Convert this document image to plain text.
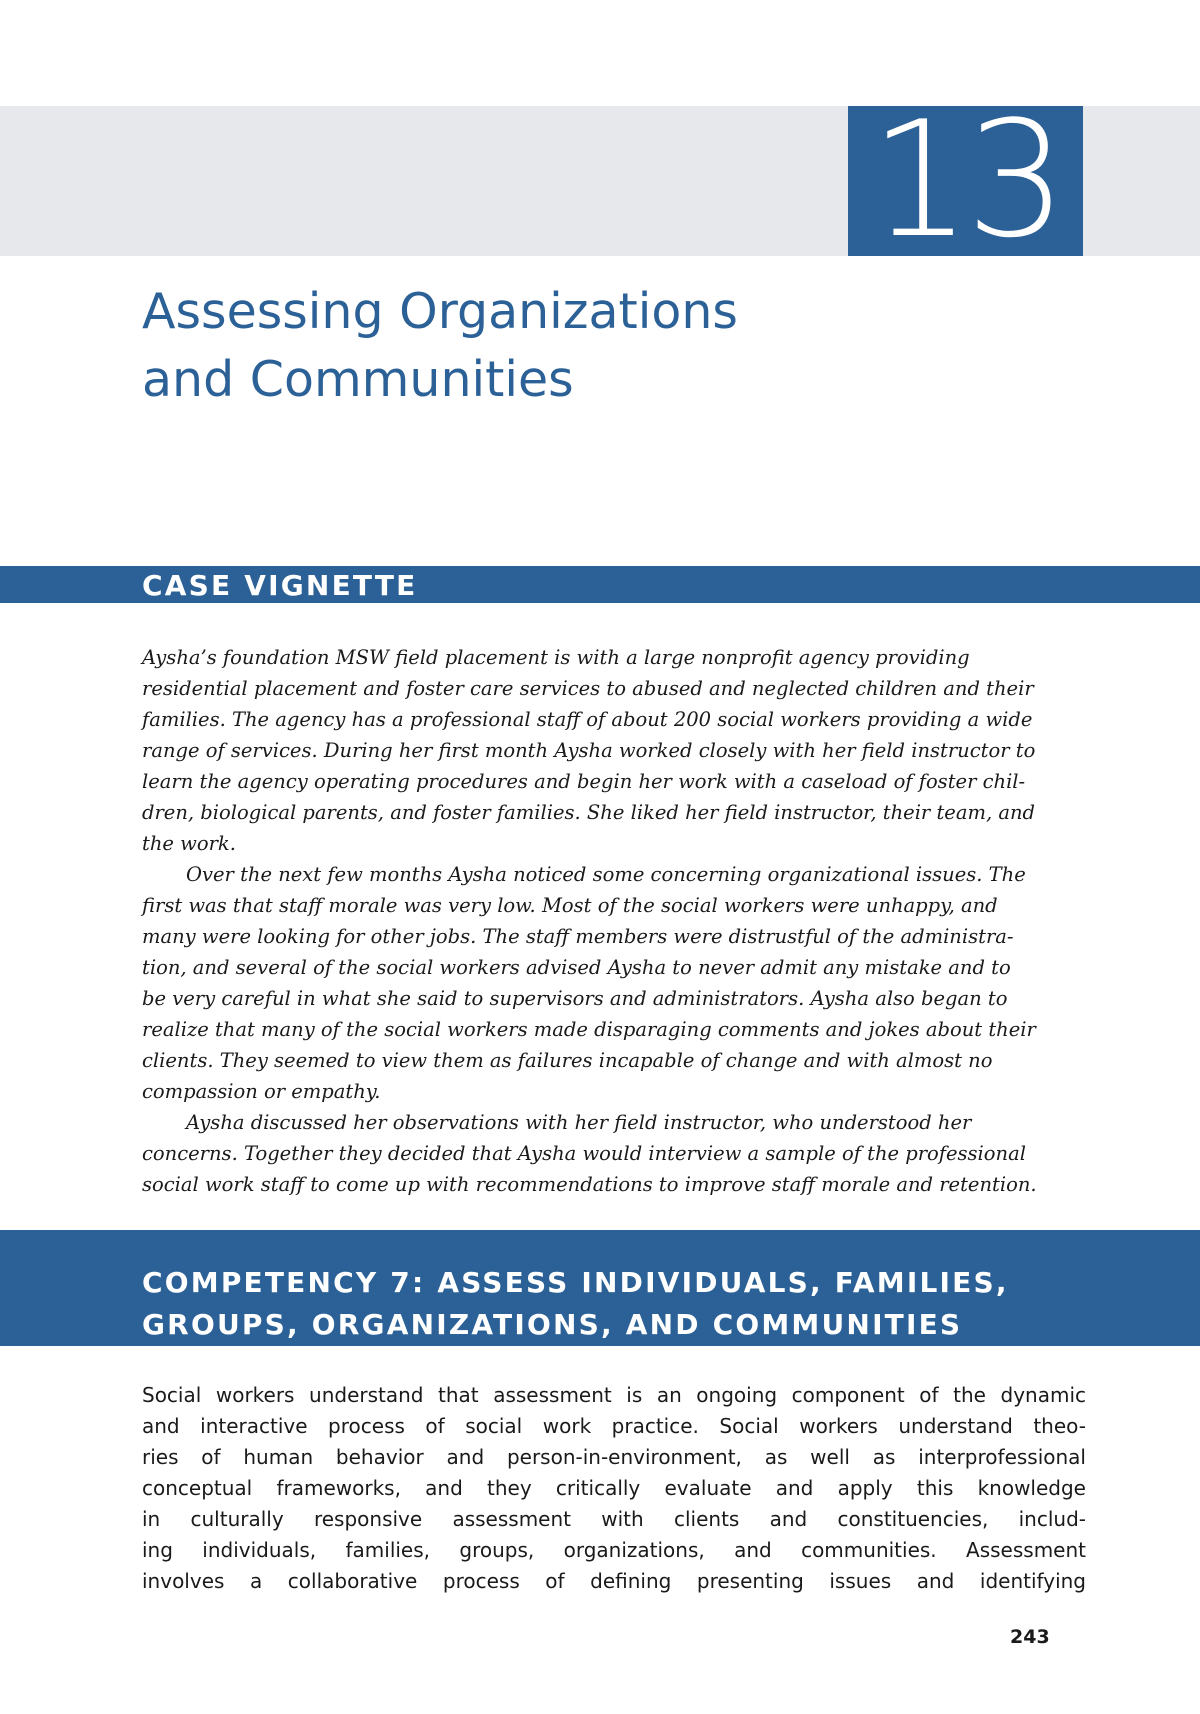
13
Assessing Organizations
and Communities
CASE VIGNETTE

Aysha’s foundation MSW field placement is with a large nonprofit agency providing
residential placement and foster care services to abused and neglected children and their
families. The agency has a professional staff of about 200 social workers providing a wide
range of services. During her first month Aysha worked closely with her field instructor to
learn the agency operating procedures and begin her work with a caseload of foster chil-
dren, biological parents, and foster families. She liked her field instructor, their team, and
the work.

Over the next few months Aysha noticed some concerning organizational issues. The
first was that staff morale was very low. Most of the social workers were unhappy, and
many were looking for other jobs. The staff members were distrustful of the administra-
tion, and several of the social workers advised Aysha to never admit any mistake and to
be very careful in what she said to supervisors and administrators. Aysha also began to
realize that many of the social workers made disparaging comments and jokes about their
clients. They seemed to view them as failures incapable of change and with almost no
compassion or empathy.

Aysha discussed her observations with her field instructor, who understood her
concerns. Together they decided that Aysha would interview a sample of the professional
social work staff to come up with recommendations to improve staff morale and retention.

COMPETENCY 7: ASSESS INDIVIDUALS, FAMILIES,
GROUPS, ORGANIZATIONS, AND COMMUNITIES
Social workers understand that assessment is an ongoing component of the dynamic
and interactive process of social work practice. Social workers understand theo-
ries of human behavior and person-in-environment, as well as interprofessional
conceptual frameworks, and they critically evaluate and apply this knowledge
in culturally responsive assessment with clients and constituencies, includ-
ing individuals, families, groups, organizations, and communities. Assessment
involves a collaborative process of defining presenting issues and identifying
243
